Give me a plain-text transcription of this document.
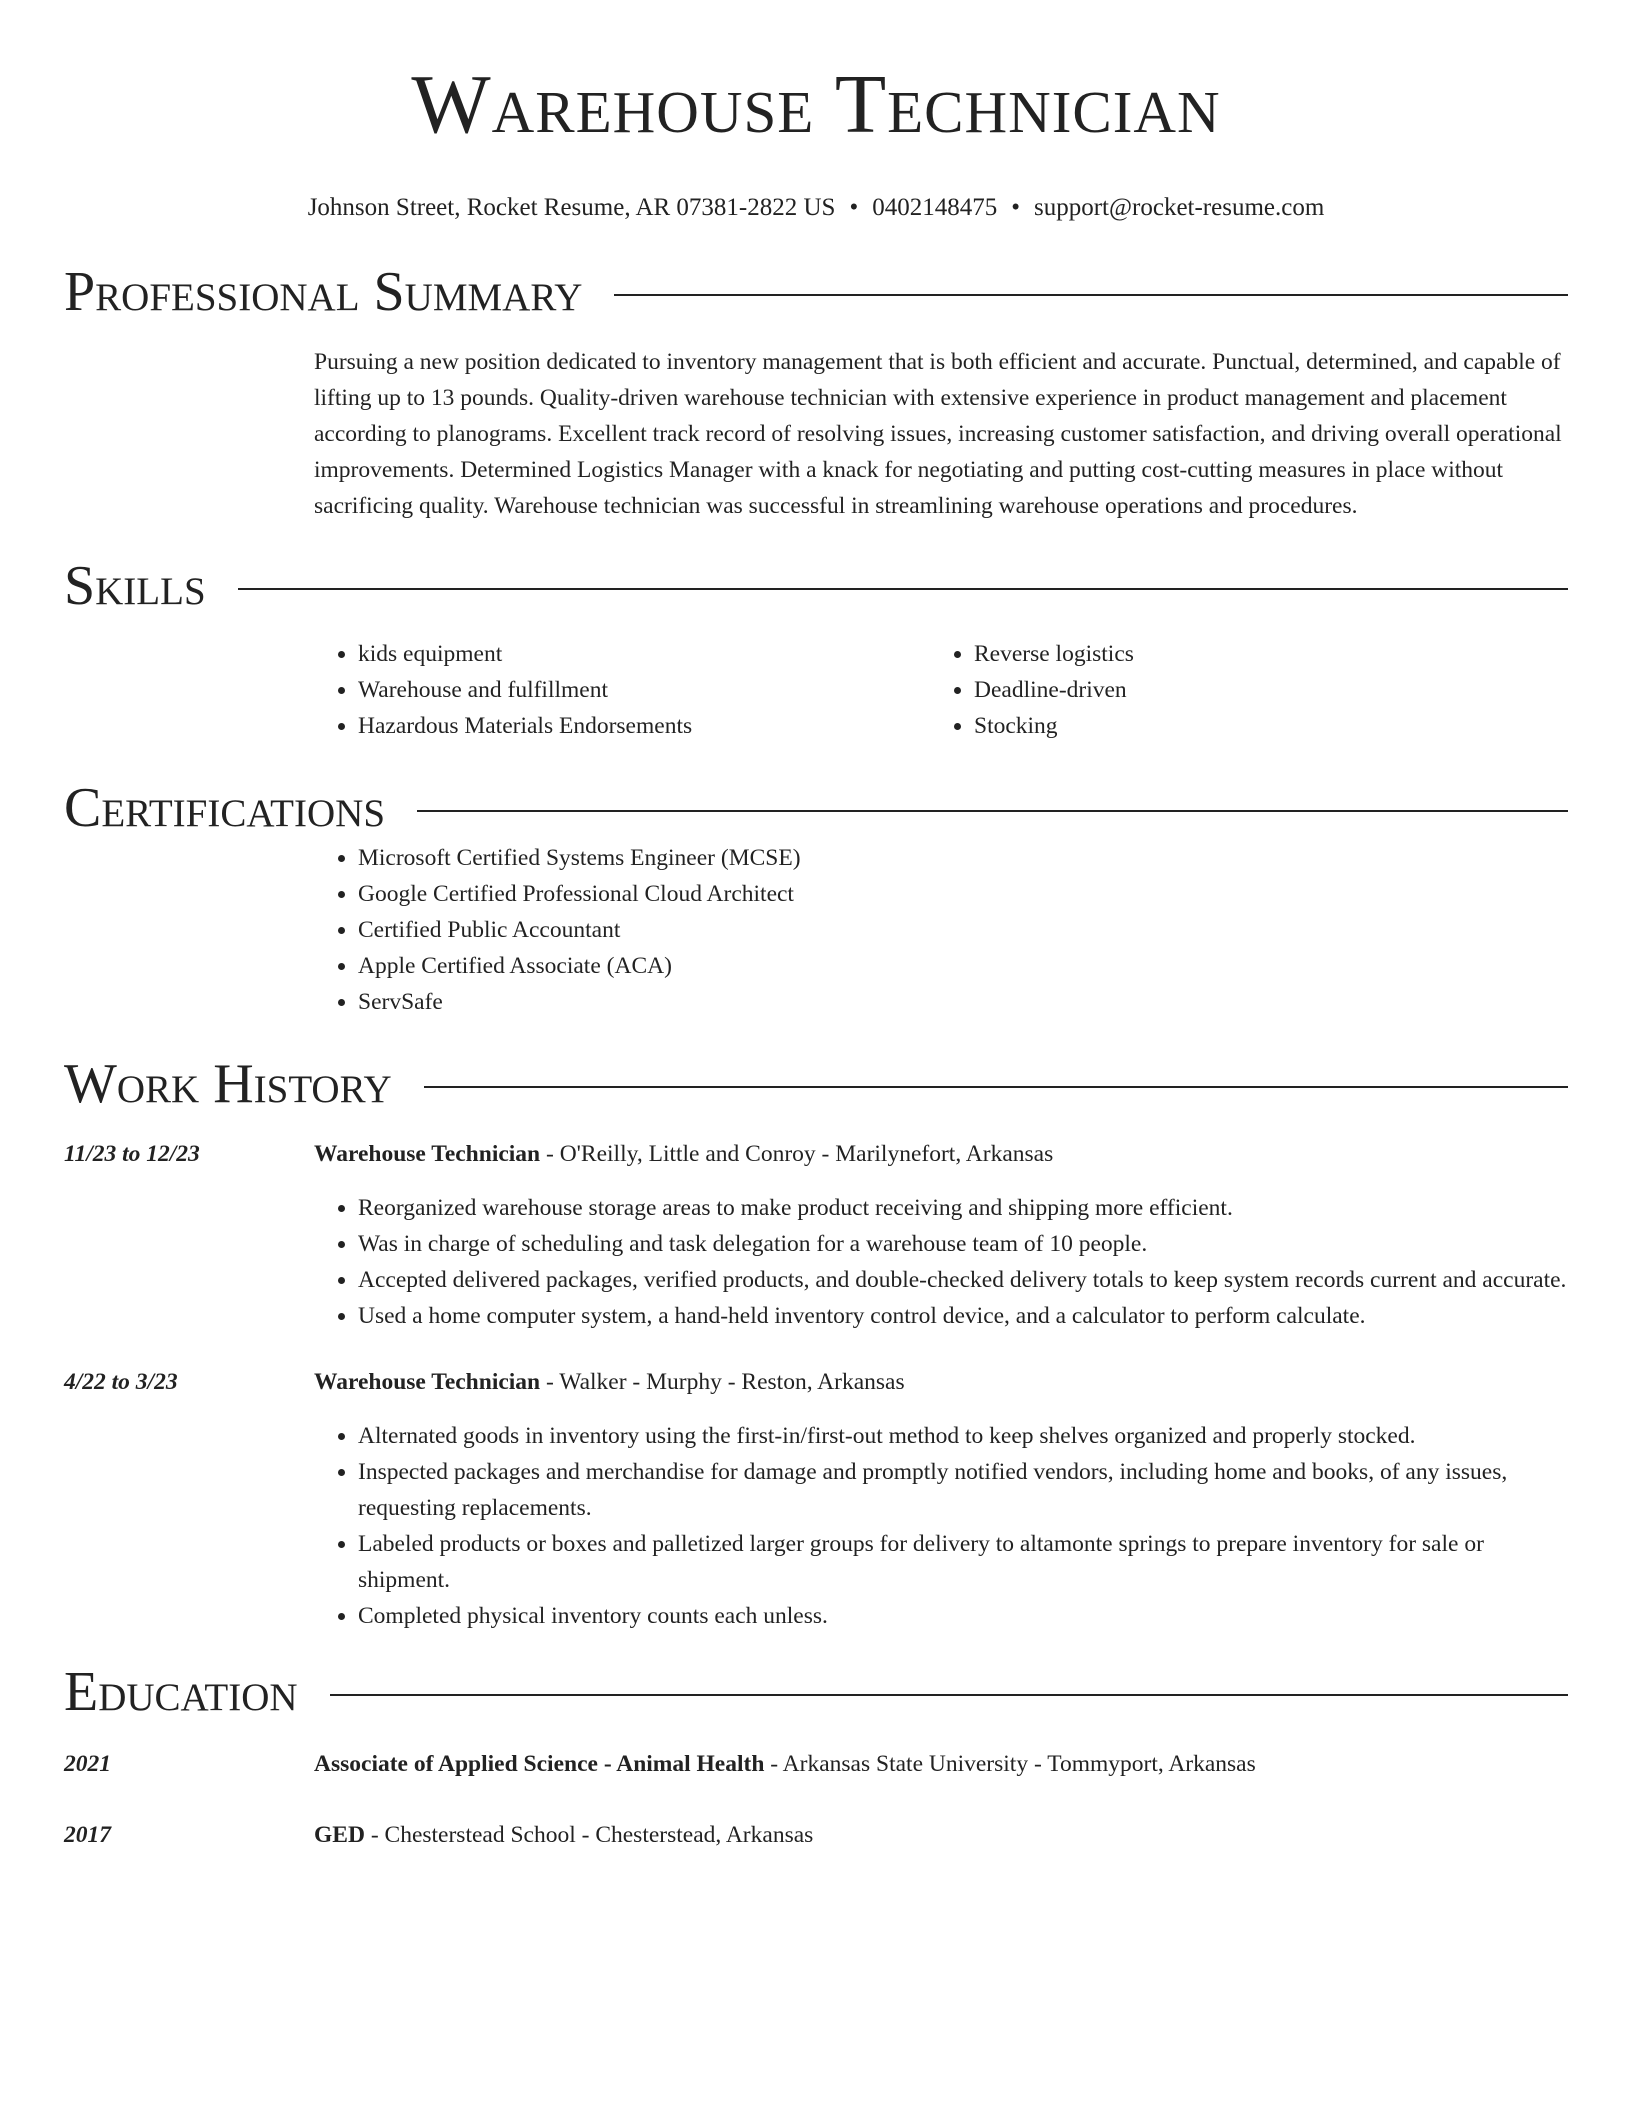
Warehouse Technician
Johnson Street, Rocket Resume, AR 07381-2822 US • 0402148475 • support@rocket-resume.com
Professional Summary

Pursuing a new position dedicated to inventory management that is both efficient and accurate. Punctual, determined, and capable of lifting up to 13 pounds. Quality-driven warehouse technician with extensive experience in product management and placement according to planograms. Excellent track record of resolving issues, increasing customer satisfaction, and driving overall operational improvements. Determined Logistics Manager with a knack for negotiating and putting cost-cutting measures in place without sacrificing quality. Warehouse technician was successful in streamlining warehouse operations and procedures.

Skills
• kids equipment
• Warehouse and fulfillment
• Hazardous Materials Endorsements
• Reverse logistics
• Deadline-driven
• Stocking
Certifications
• Microsoft Certified Systems Engineer (MCSE)
• Google Certified Professional Cloud Architect
• Certified Public Accountant
• Apple Certified Associate (ACA)
• ServSafe
Work History
11/23 to 12/23	Warehouse Technician - O'Reilly, Little and Conroy - Marilynefort, Arkansas
• Reorganized warehouse storage areas to make product receiving and shipping more efficient.
• Was in charge of scheduling and task delegation for a warehouse team of 10 people.
• Accepted delivered packages, verified products, and double-checked delivery totals to keep system records current and accurate.
• Used a home computer system, a hand-held inventory control device, and a calculator to perform calculate.
4/22 to 3/23	Warehouse Technician - Walker - Murphy - Reston, Arkansas
• Alternated goods in inventory using the first-in/first-out method to keep shelves organized and properly stocked.
• Inspected packages and merchandise for damage and promptly notified vendors, including home and books, of any issues, requesting replacements.
• Labeled products or boxes and palletized larger groups for delivery to altamonte springs to prepare inventory for sale or shipment.
• Completed physical inventory counts each unless.
Education
2021	Associate of Applied Science - Animal Health - Arkansas State University - Tommyport, Arkansas
2017	GED - Chesterstead School - Chesterstead, Arkansas
